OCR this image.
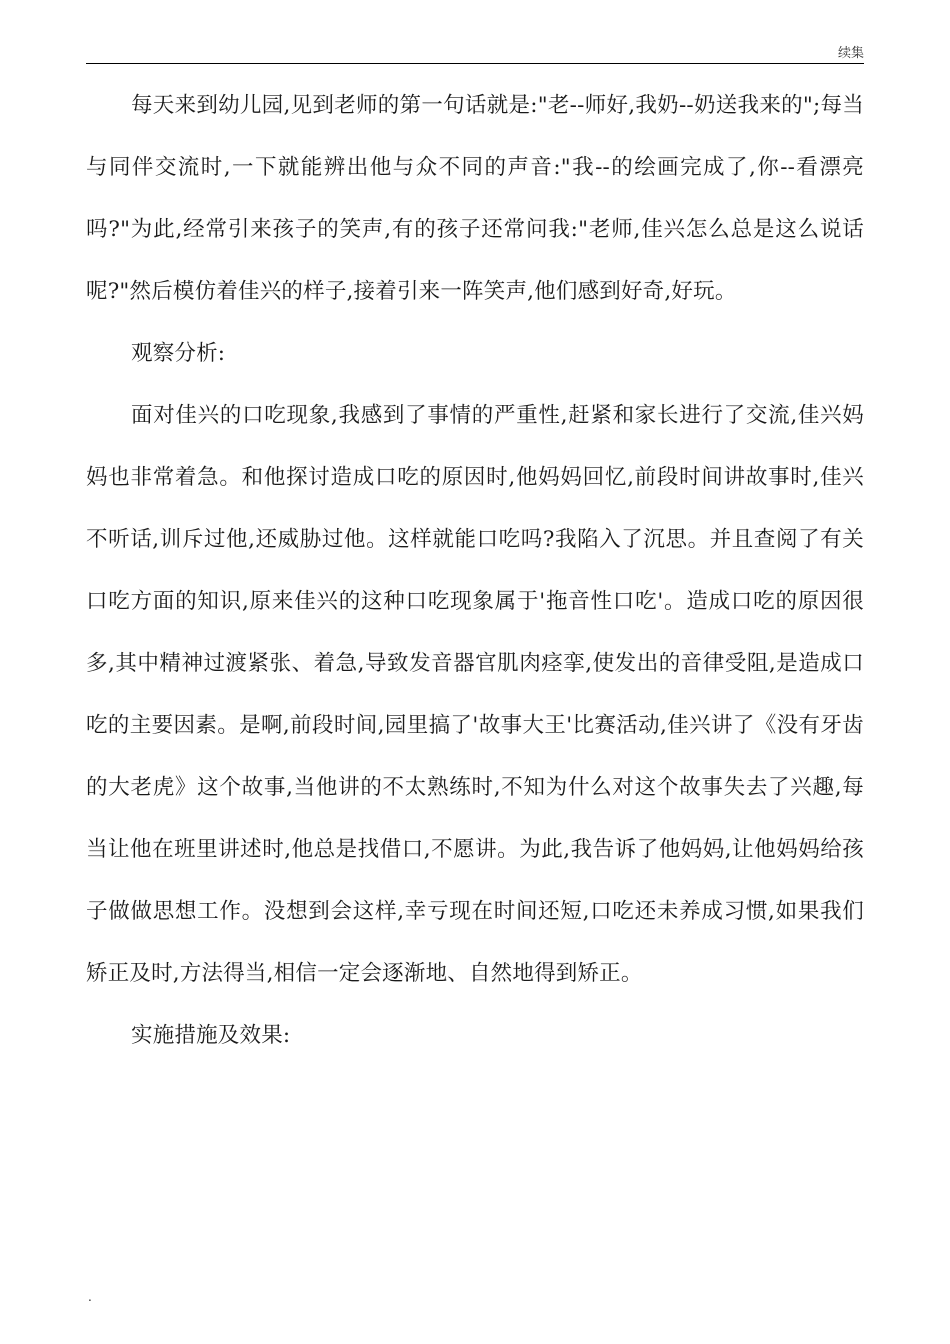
续集

每天来到幼儿园,见到老师的第一句话就是:"老--师好,我奶--奶送我来的";每当与同伴交流时,一下就能辨出他与众不同的声音:"我--的绘画完成了,你--看漂亮吗?"为此,经常引来孩子的笑声,有的孩子还常问我:"老师,佳兴怎么总是这么说话呢?"然后模仿着佳兴的样子,接着引来一阵笑声,他们感到好奇,好玩。

观察分析:

面对佳兴的口吃现象,我感到了事情的严重性,赶紧和家长进行了交流,佳兴妈妈也非常着急。和他探讨造成口吃的原因时,他妈妈回忆,前段时间讲故事时,佳兴不听话,训斥过他,还威胁过他。这样就能口吃吗?我陷入了沉思。并且查阅了有关口吃方面的知识,原来佳兴的这种口吃现象属于'拖音性口吃'。造成口吃的原因很多,其中精神过渡紧张、着急,导致发音器官肌肉痉挛,使发出的音律受阻,是造成口吃的主要因素。是啊,前段时间,园里搞了'故事大王'比赛活动,佳兴讲了《没有牙齿的大老虎》这个故事,当他讲的不太熟练时,不知为什么对这个故事失去了兴趣,每当让他在班里讲述时,他总是找借口,不愿讲。为此,我告诉了他妈妈,让他妈妈给孩子做做思想工作。没想到会这样,幸亏现在时间还短,口吃还未养成习惯,如果我们矫正及时,方法得当,相信一定会逐渐地、自然地得到矫正。

实施措施及效果:

.
